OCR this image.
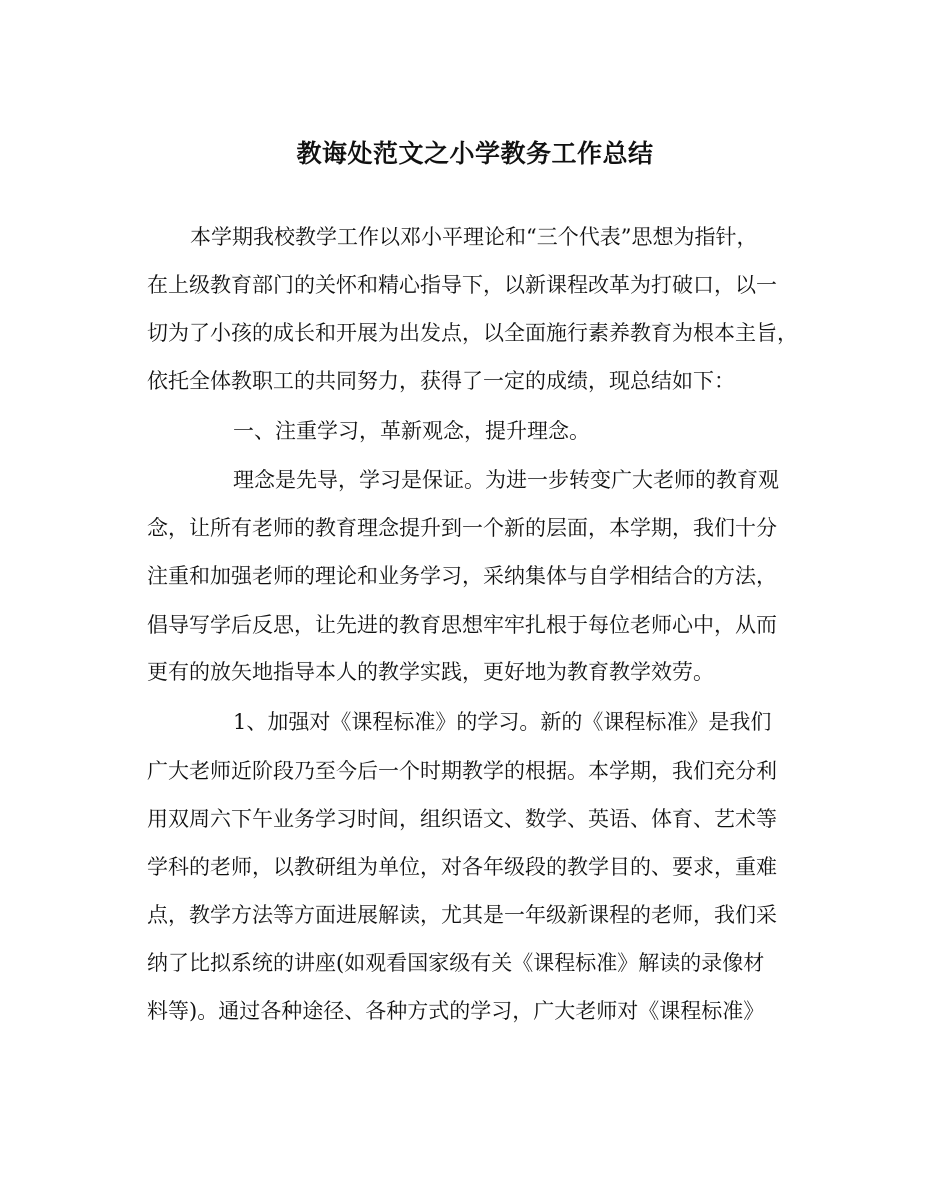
教诲处范文之小学教务工作总结
本学期我校教学工作以邓小平理论和“三个代表”思想为指针，
在上级教育部门的关怀和精心指导下，以新课程改革为打破口，以一
切为了小孩的成长和开展为出发点，以全面施行素养教育为根本主旨，
依托全体教职工的共同努力，获得了一定的成绩，现总结如下：
一、注重学习，革新观念，提升理念。
理念是先导，学习是保证。为进一步转变广大老师的教育观
念，让所有老师的教育理念提升到一个新的层面，本学期，我们十分
注重和加强老师的理论和业务学习，采纳集体与自学相结合的方法，
倡导写学后反思，让先进的教育思想牢牢扎根于每位老师心中，从而
更有的放矢地指导本人的教学实践，更好地为教育教学效劳。
1、加强对《课程标准》的学习。新的《课程标准》是我们
广大老师近阶段乃至今后一个时期教学的根据。本学期，我们充分利
用双周六下午业务学习时间，组织语文、数学、英语、体育、艺术等
学科的老师，以教研组为单位，对各年级段的教学目的、要求，重难
点，教学方法等方面进展解读，尤其是一年级新课程的老师，我们采
纳了比拟系统的讲座(如观看国家级有关《课程标准》解读的录像材
料等)。通过各种途径、各种方式的学习，广大老师对《课程标准》
